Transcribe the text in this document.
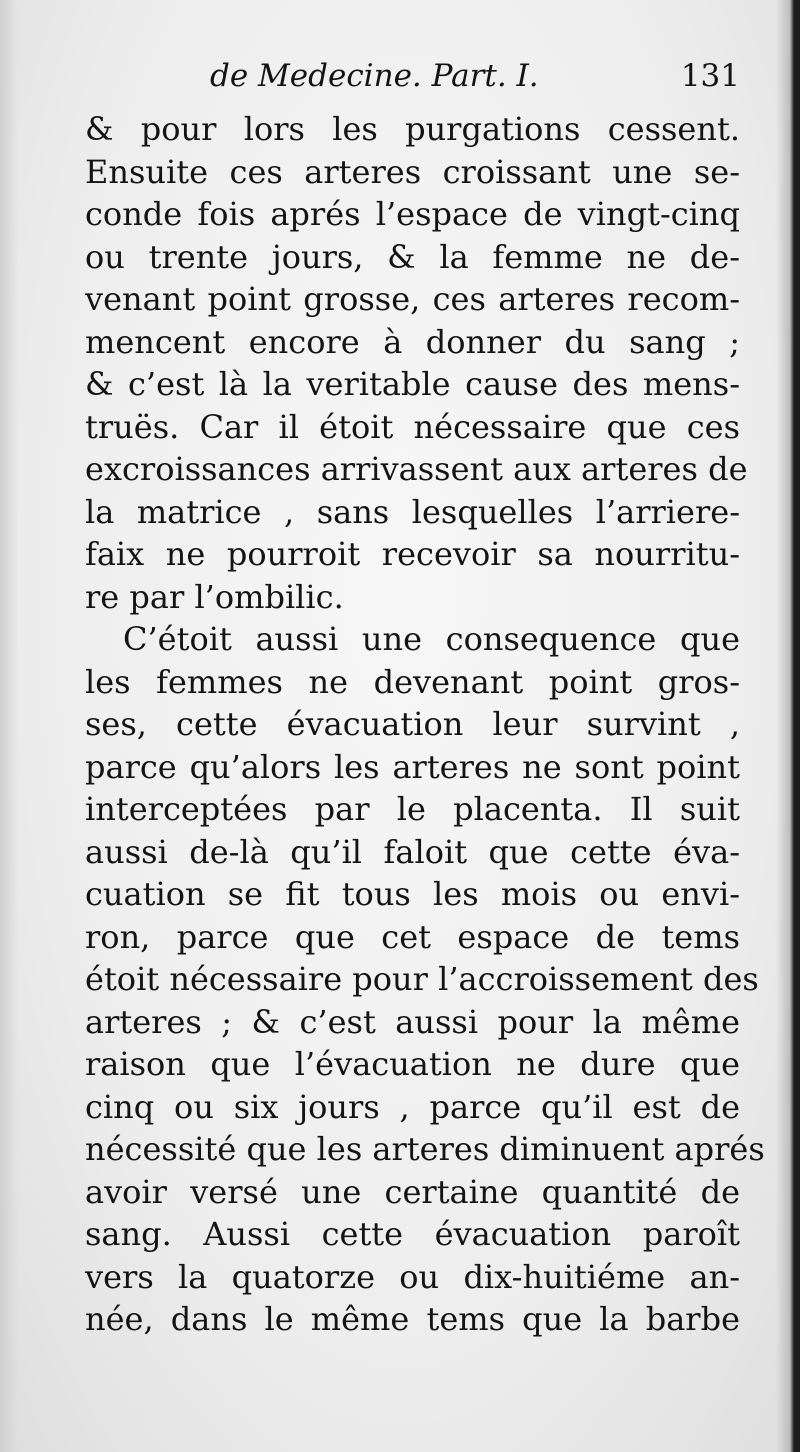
de Medecine. Part. I.	131
& pour lors les purgations cessent.
Ensuite ces arteres croissant une se-
conde fois aprés l’espace de vingt-cinq
ou trente jours, & la femme ne de-
venant point grosse, ces arteres recom-
mencent encore à donner du sang ;
& c’est là la veritable cause des mens-
truës. Car il étoit nécessaire que ces
excroissances arrivassent aux arteres de
la matrice , sans lesquelles l’arriere-
faix ne pourroit recevoir sa nourritu-
re par l’ombilic.
C’étoit aussi une consequence que
les femmes ne devenant point gros-
ses, cette évacuation leur survint ,
parce qu’alors les arteres ne sont point
interceptées par le placenta. Il suit
aussi de-là qu’il faloit que cette éva-
cuation se fit tous les mois ou envi-
ron, parce que cet espace de tems
étoit nécessaire pour l’accroissement des
arteres ; & c’est aussi pour la même
raison que l’évacuation ne dure que
cinq ou six jours , parce qu’il est de
nécessité que les arteres diminuent aprés
avoir versé une certaine quantité de
sang. Aussi cette évacuation paroît
vers la quatorze ou dix-huitiéme an-
née, dans le même tems que la barbe
